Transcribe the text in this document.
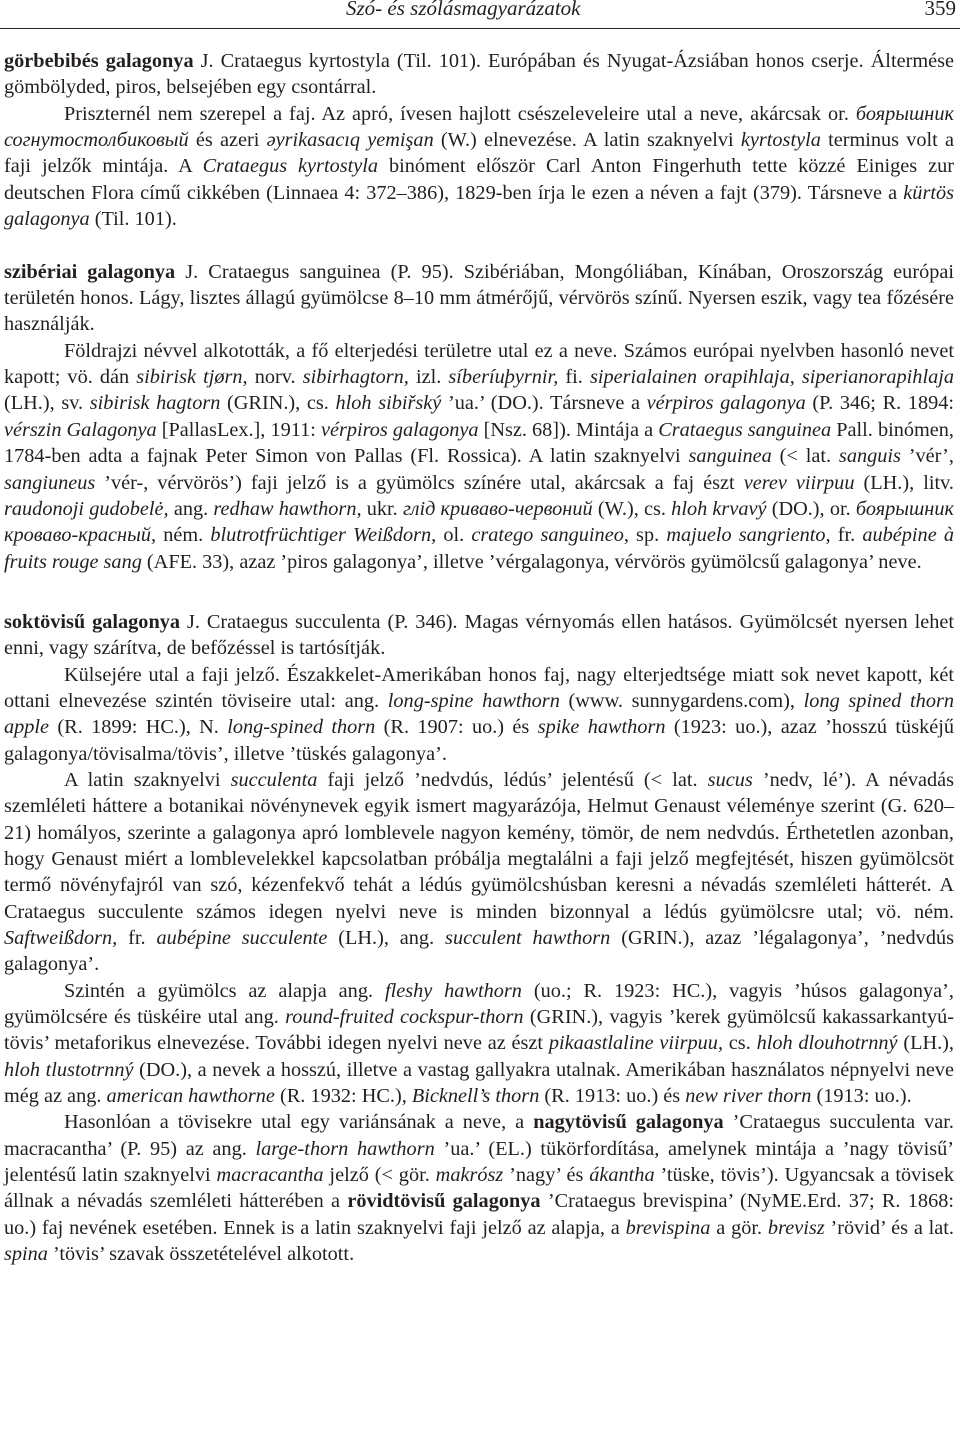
Szó- és szólásmagyarázatok	359

görbebibés galagonya J. Crataegus kyrtostyla (Til. 101). Európában és Nyugat-Ázsiában honos cserje. Áltermése gömbölyded, piros, belsejében egy csontárral.

Priszternél nem szerepel a faj. Az apró, ívesen hajlott csészeleveleire utal a neve, akárcsak or. боярышник согнутостолбиковый és azeri əyrikasacıq yemişan (W.) elnevezése. A latin szaknyelvi kyrtostyla terminus volt a faji jelzők mintája. A Crataegus kyrtostyla binóment először Carl Anton Fingerhuth tette közzé Einiges zur deutschen Flora című cikkében (Linnaea 4: 372–386), 1829-ben írja le ezen a néven a fajt (379). Társneve a kürtös galagonya (Til. 101).

szibériai galagonya J. Crataegus sanguinea (P. 95). Szibériában, Mongóliában, Kínában, Oroszország európai területén honos. Lágy, lisztes állagú gyümölcse 8–10 mm átmérőjű, vérvörös színű. Nyersen eszik, vagy tea főzésére használják.

Földrajzi névvel alkotották, a fő elterjedési területre utal ez a neve. Számos európai nyelvben hasonló nevet kapott; vö. dán sibirisk tjørn, norv. sibirhagtorn, izl. síberíuþyrnir, fi. siperialainen orapihlaja, siperianorapihlaja (LH.), sv. sibirisk hagtorn (GRIN.), cs. hloh sibiřský ’ua.’ (DO.). Társneve a vérpiros galagonya (P. 346; R. 1894: vérszin Galagonya [PallasLex.], 1911: vérpiros galagonya [Nsz. 68]). Mintája a Crataegus sanguinea Pall. binómen, 1784-ben adta a fajnak Peter Simon von Pallas (Fl. Rossica). A latin szaknyelvi sanguinea (< lat. sanguis ’vér’, sangiuneus ’vér-, vérvörös’) faji jelző is a gyümölcs színére utal, akárcsak a faj észt verev viirpuu (LH.), litv. raudonoji gudobelė, ang. redhaw hawthorn, ukr. глід кривавo-червоний (W.), cs. hloh krvavý (DO.), or. боярышник кровавo-красный, ném. blutrotfrüchtiger Weißdorn, ol. cratego sanguineo, sp. majuelo sangriento, fr. aubépine à fruits rouge sang (AFE. 33), azaz ’piros galagonya’, illetve ’vérgalagonya, vérvörös gyümölcsű galagonya’ neve.

soktövisű galagonya J. Crataegus succulenta (P. 346). Magas vérnyomás ellen hatásos. Gyümölcsét nyersen lehet enni, vagy szárítva, de befőzéssel is tartósítják.

Külsejére utal a faji jelző. Északkelet-Amerikában honos faj, nagy elterjedtsége miatt sok nevet kapott, két ottani elnevezése szintén töviseire utal: ang. long-spine hawthorn (www. sunnygardens.com), long spined thorn apple (R. 1899: HC.), N. long-spined thorn (R. 1907: uo.) és spike hawthorn (1923: uo.), azaz ’hosszú tüskéjű galagonya/tövisalma/tövis’, illetve ’tüskés galagonya’.

A latin szaknyelvi succulenta faji jelző ’nedvdús, lédús’ jelentésű (< lat. sucus ’nedv, lé’). A névadás szemléleti háttere a botanikai növénynevek egyik ismert magyarázója, Helmut Genaust véleménye szerint (G. 620–21) homályos, szerinte a galagonya apró lomblevele nagyon kemény, tömör, de nem nedvdús. Érthetetlen azonban, hogy Genaust miért a lomblevelekkel kapcsolatban próbálja megtalálni a faji jelző megfejtését, hiszen gyümölcsöt termő növényfajról van szó, kézenfekvő tehát a lédús gyümölcshúsban keresni a névadás szemléleti hátterét. A Crataegus succulente számos idegen nyelvi neve is minden bizonnyal a lédús gyümölcsre utal; vö. ném. Saftweißdorn, fr. aubépine succulente (LH.), ang. succulent hawthorn (GRIN.), azaz ’légalagonya’, ’nedvdús galagonya’.

Szintén a gyümölcs az alapja ang. fleshy hawthorn (uo.; R. 1923: HC.), vagyis ’húsos galagonya’, gyümölcsére és tüskéire utal ang. round-fruited cockspur-thorn (GRIN.), vagyis ’kerek gyümölcsű kakassarkantyú-tövis’ metaforikus elnevezése. További idegen nyelvi neve az észt pikaastlaline viirpuu, cs. hloh dlouhotrnný (LH.), hloh tlustotrnný (DO.), a nevek a hosszú, illetve a vastag gallyakra utalnak. Amerikában használatos népnyelvi neve még az ang. american hawthorne (R. 1932: HC.), Bicknell’s thorn (R. 1913: uo.) és new river thorn (1913: uo.).

Hasonlóan a tövisekre utal egy variánsának a neve, a nagytövisű galagonya ’Crataegus succulenta var. macracantha’ (P. 95) az ang. large-thorn hawthorn ’ua.’ (EL.) tükörfordítása, amelynek mintája a ’nagy tövisű’ jelentésű latin szaknyelvi macracantha jelző (< gör. makrósz ’nagy’ és ákantha ’tüske, tövis’). Ugyancsak a tövisek állnak a névadás szemléleti hátterében a rövidtövisű galagonya ’Crataegus brevispina’ (NyME.Erd. 37; R. 1868: uo.) faj nevének esetében. Ennek is a latin szaknyelvi faji jelző az alapja, a brevispina a gör. brevisz ’rövid’ és a lat. spina ’tövis’ szavak összetételével alkotott.
